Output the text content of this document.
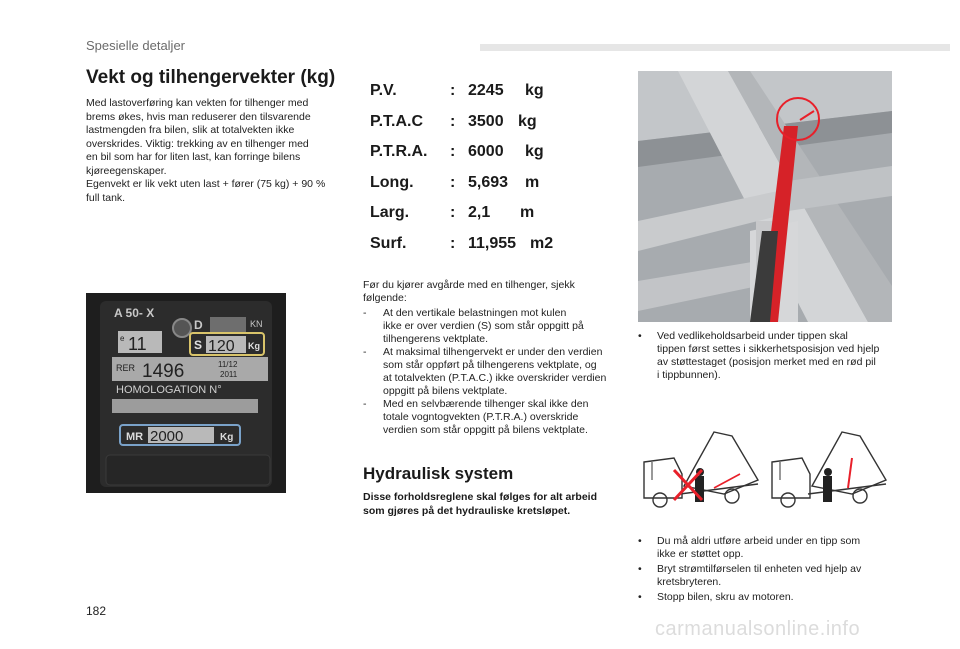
Spesielle detaljer
Vekt og tilhengervekter (kg)
Med lastoverføring kan vekten for tilhenger med
brems økes, hvis man reduserer den tilsvarende
lastmengden fra bilen, slik at totalvekten ikke
overskrides. Viktig: trekking av en tilhenger med
en bil som har for liten last, kan forringe bilens
kjøreegenskaper.
Egenvekt er lik vekt uten last + fører (75 kg) + 90 %
full tank.
A 50- X
D	KN
e 11	S 120 Kg
RER 1496	11/12
2011
HOMOLOGATION N°
MR 2000	Kg
P.V.	: 2245 kg
P.T.A.C : 3500 kg
P.T.R.A. : 6000 kg
Long. : 5,693 m
Larg.	: 2,1 m
Surf.	: 11,955 m2
Før du kjører avgårde med en tilhenger, sjekk
følgende:
- At den vertikale belastningen mot kulen
ikke er over verdien (S) som står oppgitt på
tilhengerens vektplate.
- At maksimal tilhengervekt er under den verdien
som står oppført på tilhengerens vektplate, og
at totalvekten (P.T.A.C.) ikke overskrider verdien
oppgitt på bilens vektplate.
- Med en selvbærende tilhenger skal ikke den
totale vogntogvekten (P.T.R.A.) overskride
verdien som står oppgitt på bilens vektplate.
Hydraulisk system
Disse forholdsreglene skal følges for alt arbeid
som gjøres på det hydrauliske kretsløpet.
• Ved vedlikeholdsarbeid under tippen skal
tippen først settes i sikkerhetsposisjon ved hjelp
av støttestaget (posisjon merket med en rød pil
i tippbunnen).
• Du må aldri utføre arbeid under en tipp som
ikke er støttet opp.
• Bryt strømtilførselen til enheten ved hjelp av
kretsbryteren.
• Stopp bilen, skru av motoren.
182
carmanualsonline.info
